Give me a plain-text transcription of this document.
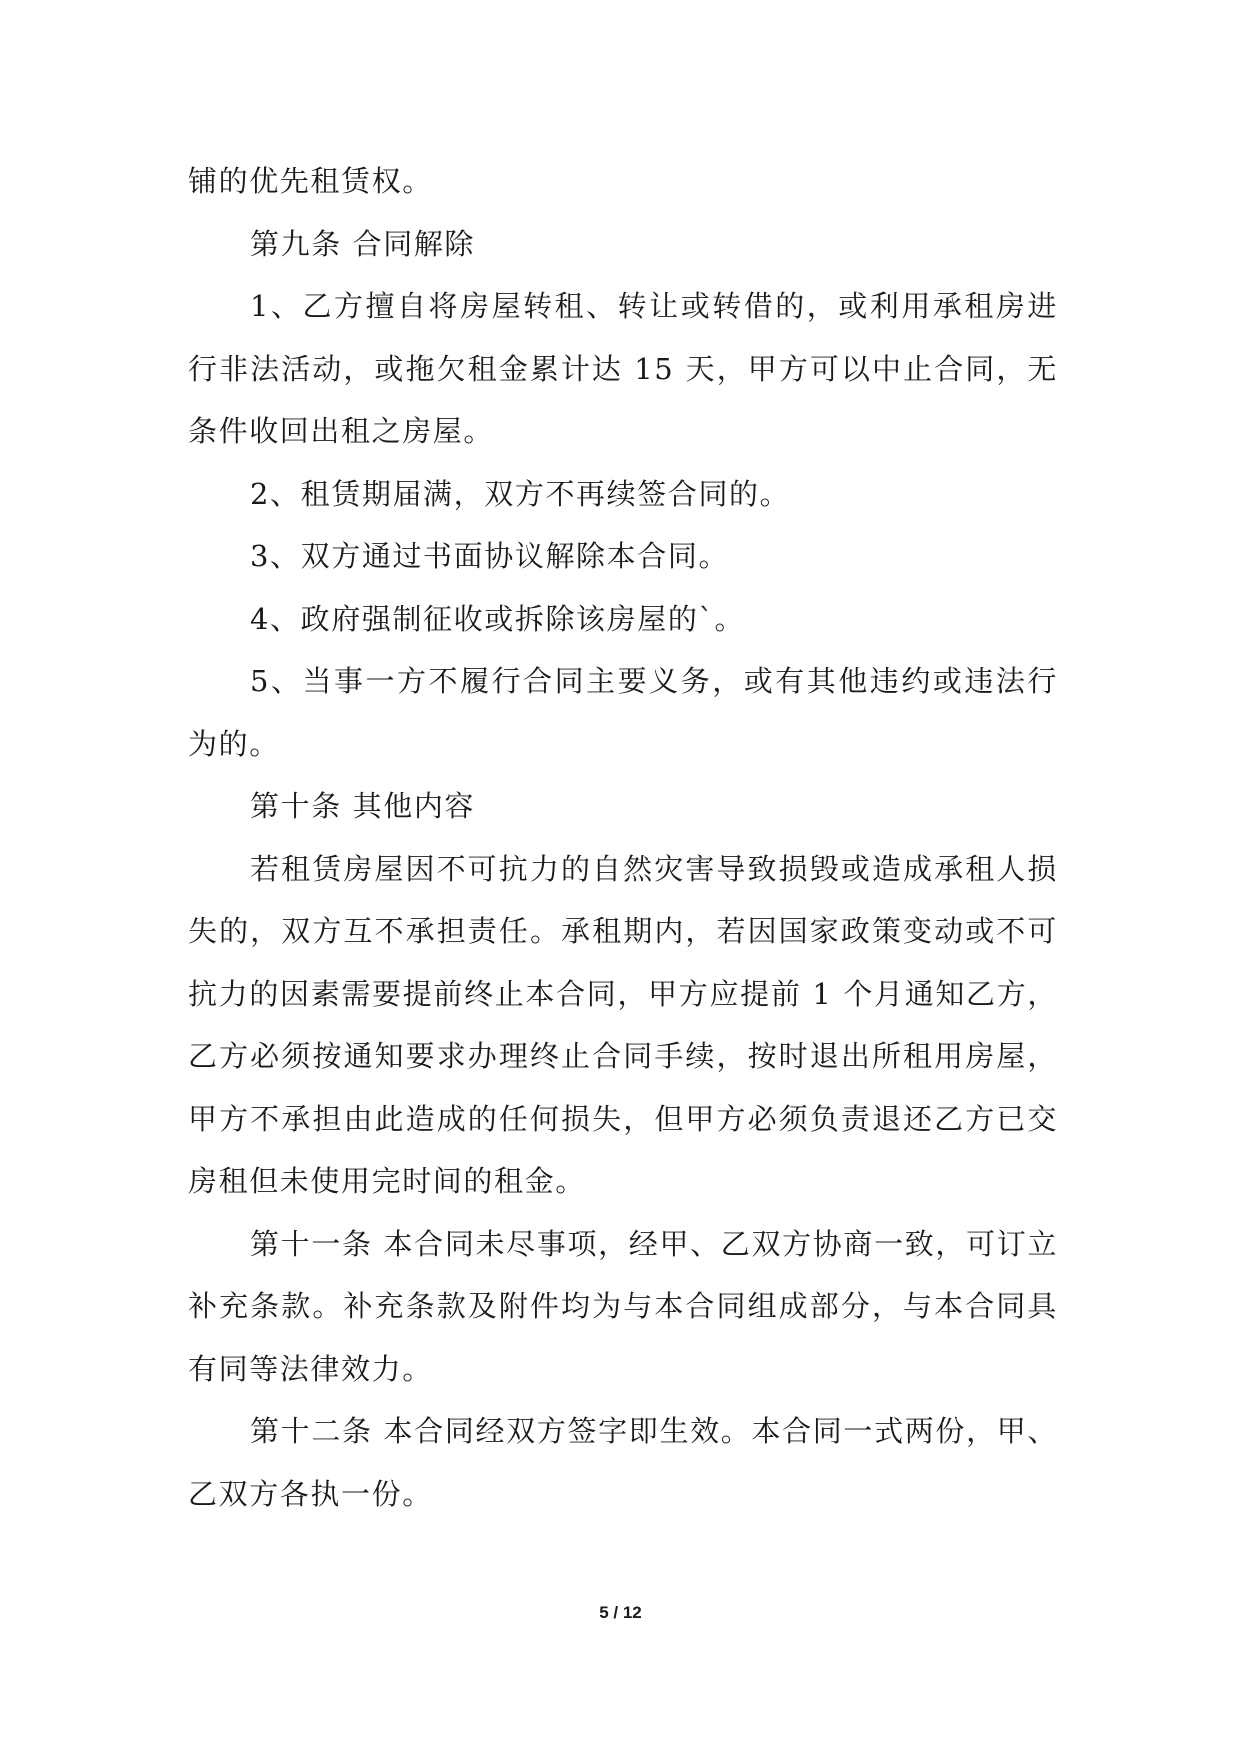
铺的优先租赁权。

第九条 合同解除

1、乙方擅自将房屋转租、转让或转借的，或利用承租房进行非法活动，或拖欠租金累计达 15 天，甲方可以中止合同，无条件收回出租之房屋。

2、租赁期届满，双方不再续签合同的。

3、双方通过书面协议解除本合同。

4、政府强制征收或拆除该房屋的`。

5、当事一方不履行合同主要义务，或有其他违约或违法行为的。

第十条 其他内容

若租赁房屋因不可抗力的自然灾害导致损毁或造成承租人损失的，双方互不承担责任。承租期内，若因国家政策变动或不可抗力的因素需要提前终止本合同，甲方应提前 1 个月通知乙方，乙方必须按通知要求办理终止合同手续，按时退出所租用房屋，甲方不承担由此造成的任何损失，但甲方必须负责退还乙方已交房租但未使用完时间的租金。

第十一条 本合同未尽事项，经甲、乙双方协商一致，可订立补充条款。补充条款及附件均为与本合同组成部分，与本合同具有同等法律效力。

第十二条 本合同经双方签字即生效。本合同一式两份，甲、乙双方各执一份。

5 / 12
